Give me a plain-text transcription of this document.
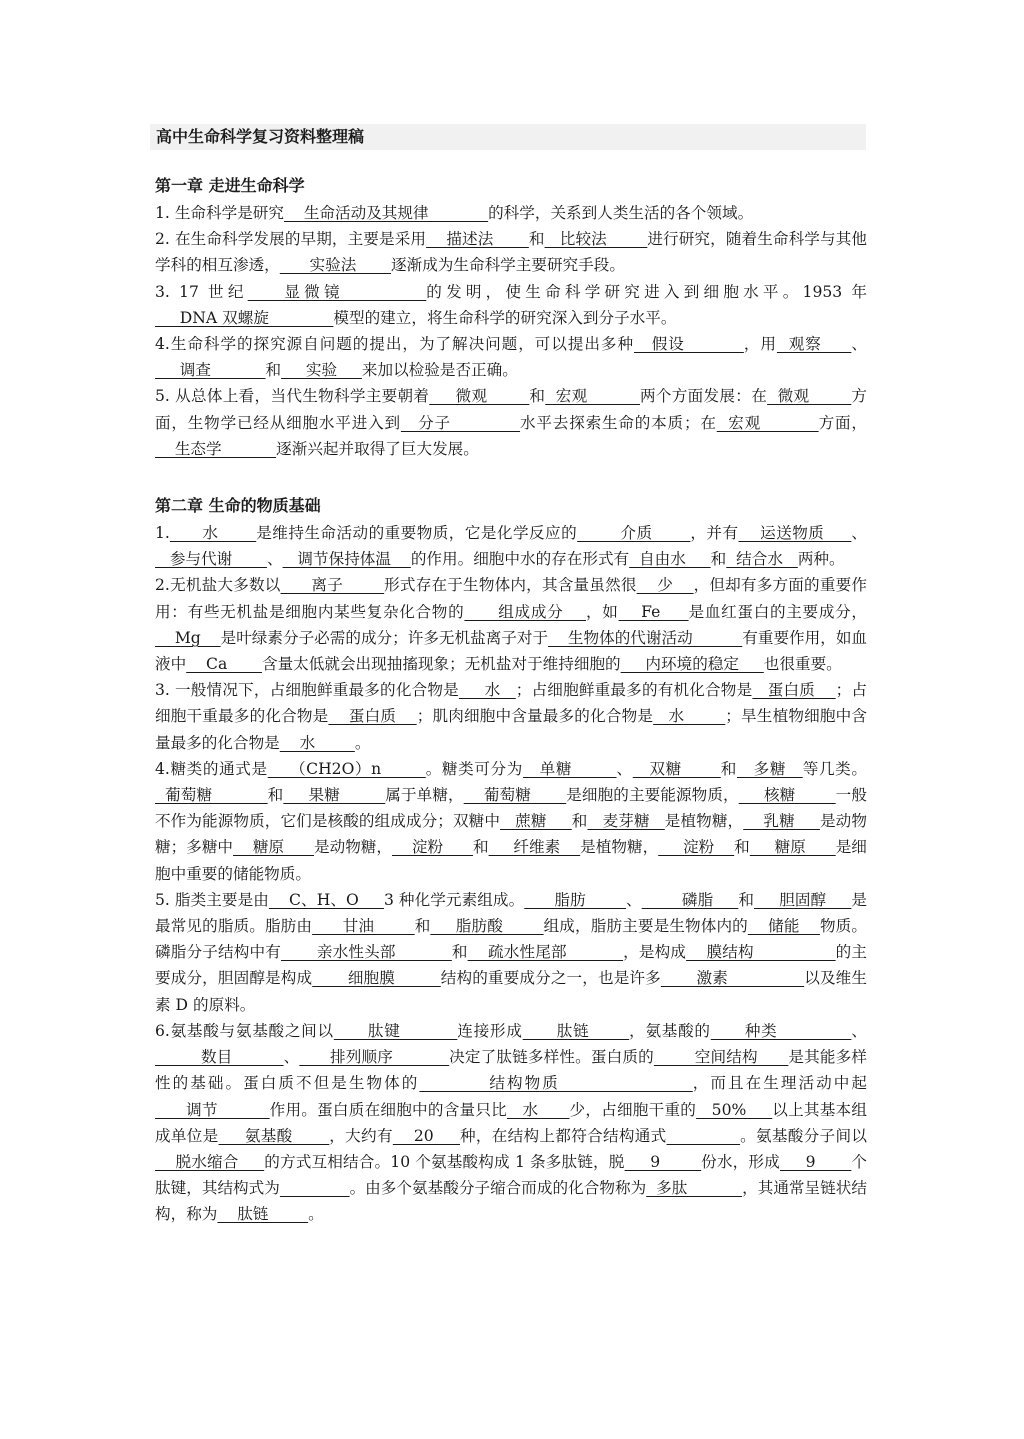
高中生命科学复习资料整理稿

第一章 走进生命科学

1. 生命科学是研究    生命活动及其规律            的科学，关系到人类生活的各个领域。

2. 在生命科学发展的早期，主要是采用    描述法       和   比较法        进行研究，随着生命科学与其他学科的相互渗透，      实验法       逐渐成为生命科学主要研究手段。

3. 17 世纪    显微镜         的发明，使生命科学研究进入到细胞水平。1953 年     DNA 双螺旋             模型的建立，将生命科学的研究深入到分子水平。

4.生命科学的探究源自问题的提出，为了解决问题，可以提出多种   假设          ，用  观察     、     调查           和     实验     来加以检验是否正确。

5. 从总体上看，当代生物科学主要朝着     微观        和  宏观          两个方面发展：在  微观        方面，生物学已经从细胞水平进入到   分子            水平去探索生命的本质；在  宏观          方面，    生态学           逐渐兴起并取得了巨大发展。

第二章 生命的物质基础

1.      水       是维持生命活动的重要物质，它是化学反应的        介质       ，并有    运送物质     、   参与代谢       、   调节保持体温    的作用。细胞中水的存在形式有  自由水     和  结合水   两种。

2.无机盐大多数以      离子        形式存在于生物体内，其含量虽然很    少    ，但却有多方面的重要作用：有些无机盐是细胞内某些复杂化合物的      组成成分    ，如    Fe     是血红蛋白的主要成分，    Mg    是叶绿素分子必需的成分；许多无机盐离子对于    生物体的代谢活动          有重要作用，如血液中    Ca       含量太低就会出现抽搐现象；无机盐对于维持细胞的     内环境的稳定     也很重要。

3. 一般情况下，占细胞鲜重最多的化合物是     水   ；占细胞鲜重最多的有机化合物是   蛋白质    ；占细胞干重最多的化合物是    蛋白质    ；肌肉细胞中含量最多的化合物是   水        ；旱生植物细胞中含量最多的化合物是    水        。

4.糖类的通式是    （CH2O）n        。糖类可分为   单糖        、   双糖       和   多糖   等几类。  葡萄糖           和     果糖         属于单糖，    葡萄糖       是细胞的主要能源物质，     核糖        一般不作为能源物质，它们是核酸的组成成分；双糖中   蔗糖     和   麦芽糖   是植物糖，    乳糖     是动物糖；多糖中    糖原      是动物糖，    淀粉      和     纤维素    是植物糖，     淀粉    和     糖原      是细胞中重要的储能物质。

5. 脂类主要是由    C、H、O     3 种化学元素组成。      脂肪        、        磷脂     和     胆固醇     是最常见的脂质。脂肪由      甘油        和     脂肪酸        组成，脂肪主要是生物体内的    储能    物质。磷脂分子结构中有       亲水性头部           和    疏水性尾部           ，是构成    膜结构                的主要成分，胆固醇是构成       细胞膜         结构的重要成分之一，也是许多       激素               以及维生素 D 的原料。

6.氨基酸与氨基酸之间以      肽键          连接形成      肽链       ，氨基酸的      种类             、         数目          、      排列顺序           决定了肽链多样性。蛋白质的        空间结构      是其能多样性的基础。蛋白质不但是生物体的          结构物质                   ，而且在生理活动中起      调节          作用。蛋白质在细胞中的含量只比   水      少，占细胞干重的   50%     以上其基本组成单位是     氨基酸       ，大约有    20     种，在结构上都符合结构通式	。氨基酸分子间以    脱水缩合     的方式互相结合。10 个氨基酸构成 1 条多肽链，脱     9        份水，形成     9       个肽键，其结构式为	。由多个氨基酸分子缩合而成的化合物称为  多肽           ，其通常呈链状结构，称为    肽链        。
